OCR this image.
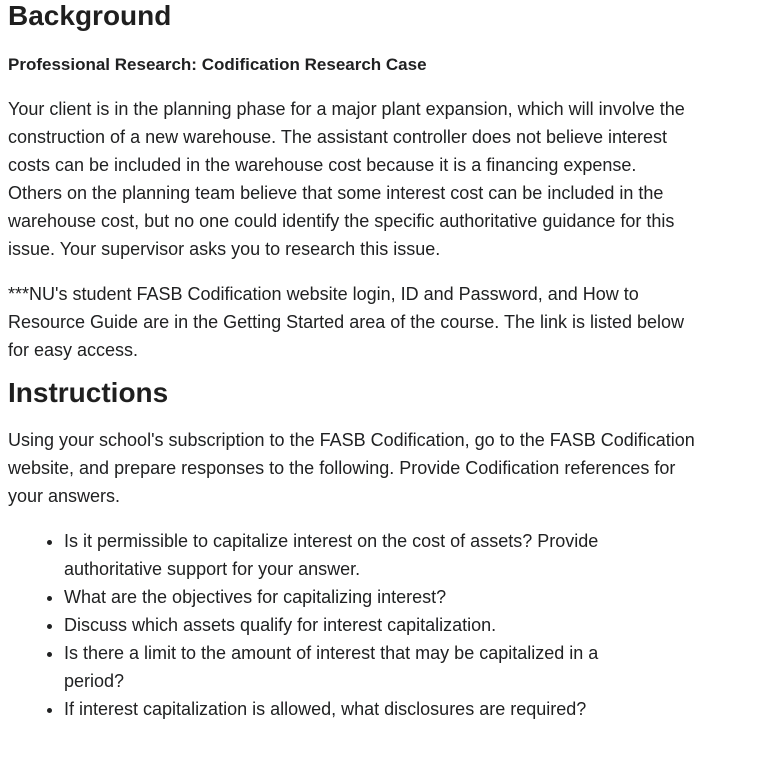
Background
Professional Research: Codification Research Case

Your client is in the planning phase for a major plant expansion, which will involve the construction of a new warehouse. The assistant controller does not believe interest costs can be included in the warehouse cost because it is a financing expense. Others on the planning team believe that some interest cost can be included in the warehouse cost, but no one could identify the specific authoritative guidance for this issue. Your supervisor asks you to research this issue.

***NU's student FASB Codification website login, ID and Password, and How to Resource Guide are in the Getting Started area of the course. The link is listed below for easy access.

Instructions

Using your school's subscription to the FASB Codification, go to the FASB Codification website, and prepare responses to the following. Provide Codification references for your answers.

• Is it permissible to capitalize interest on the cost of assets? Provide authoritative support for your answer.
• What are the objectives for capitalizing interest?
• Discuss which assets qualify for interest capitalization.
• Is there a limit to the amount of interest that may be capitalized in a period?
• If interest capitalization is allowed, what disclosures are required?
